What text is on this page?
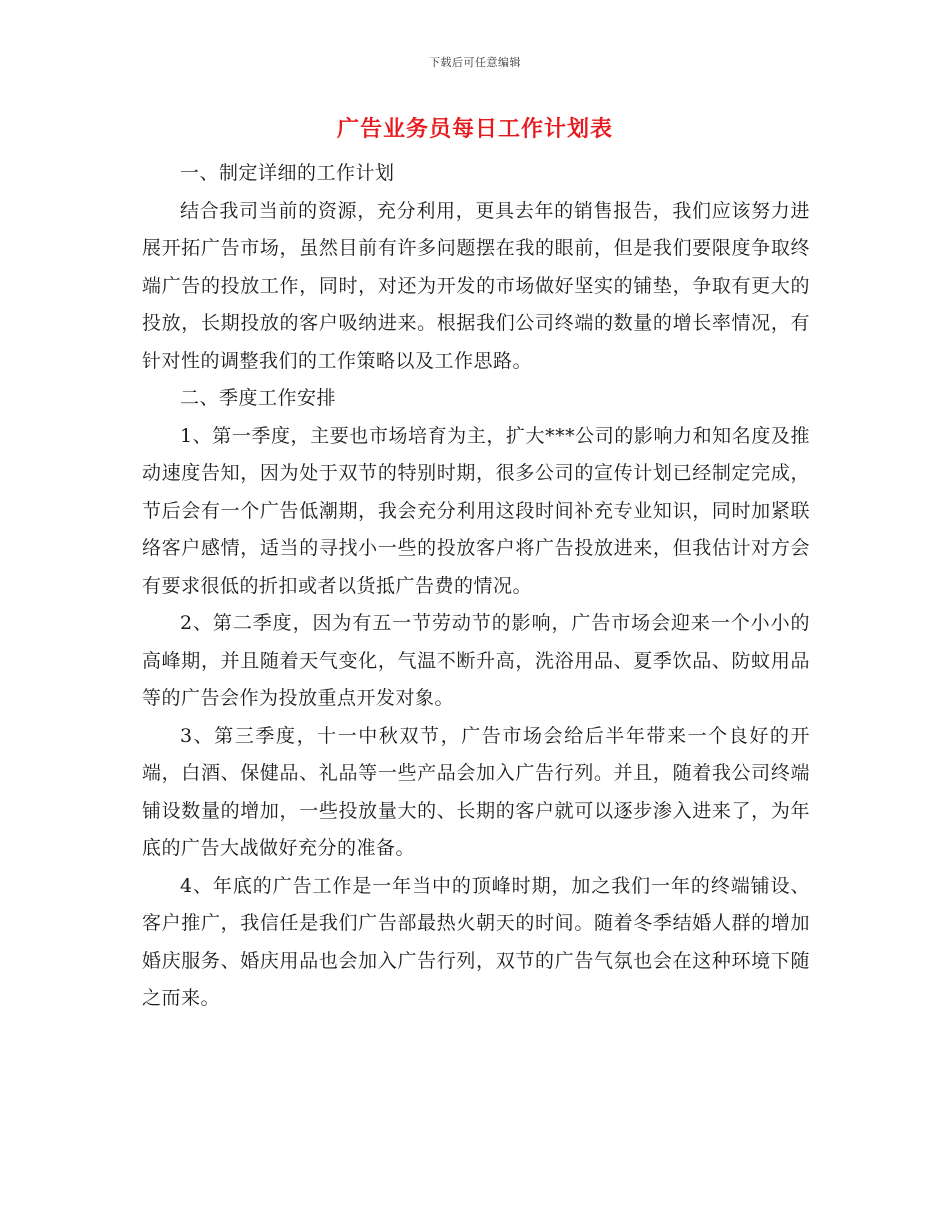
下载后可任意编辑
广告业务员每日工作计划表

一、制定详细的工作计划

结合我司当前的资源，充分利用，更具去年的销售报告，我们应该努力进展开拓广告市场，虽然目前有许多问题摆在我的眼前，但是我们要限度争取终端广告的投放工作，同时，对还为开发的市场做好坚实的铺垫，争取有更大的投放，长期投放的客户吸纳进来。根据我们公司终端的数量的增长率情况，有针对性的调整我们的工作策略以及工作思路。

二、季度工作安排

1、第一季度，主要也市场培育为主，扩大***公司的影响力和知名度及推动速度告知，因为处于双节的特别时期，很多公司的宣传计划已经制定完成，节后会有一个广告低潮期，我会充分利用这段时间补充专业知识，同时加紧联络客户感情，适当的寻找小一些的投放客户将广告投放进来，但我估计对方会有要求很低的折扣或者以货抵广告费的情况。

2、第二季度，因为有五一节劳动节的影响，广告市场会迎来一个小小的高峰期，并且随着天气变化，气温不断升高，洗浴用品、夏季饮品、防蚊用品等的广告会作为投放重点开发对象。

3、第三季度，十一中秋双节，广告市场会给后半年带来一个良好的开端，白酒、保健品、礼品等一些产品会加入广告行列。并且，随着我公司终端铺设数量的增加，一些投放量大的、长期的客户就可以逐步渗入进来了，为年底的广告大战做好充分的准备。

4、年底的广告工作是一年当中的顶峰时期，加之我们一年的终端铺设、客户推广，我信任是我们广告部最热火朝天的时间。随着冬季结婚人群的增加婚庆服务、婚庆用品也会加入广告行列，双节的广告气氛也会在这种环境下随之而来。
